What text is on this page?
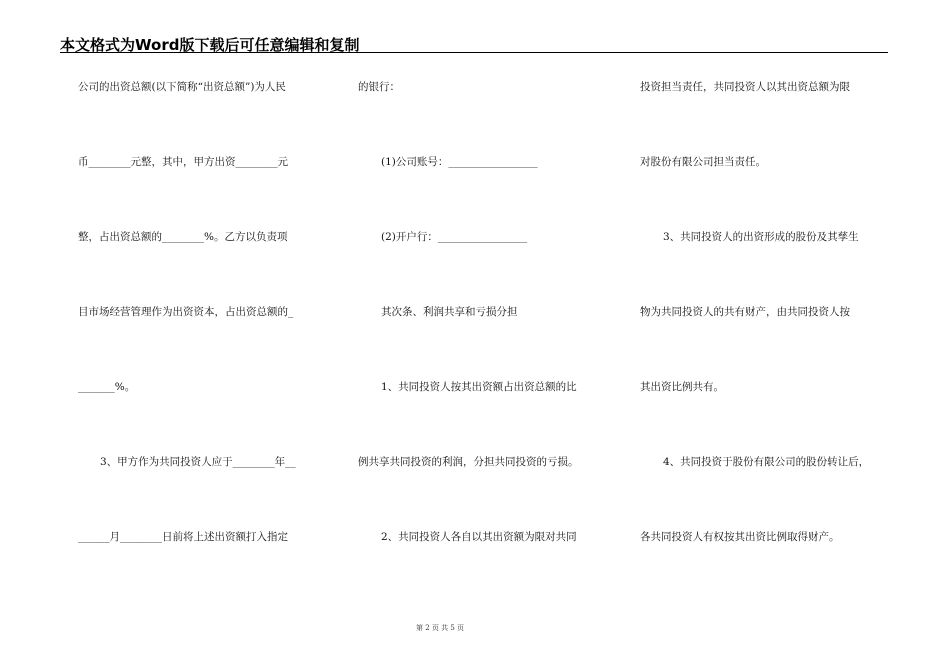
本文格式为Word版下载后可任意编辑和复制
公司的出资总额(以下简称“出资总额”)为人民
币________元整，其中，甲方出资________元
整，占出资总额的________%。乙方以负责项
目市场经营管理作为出资资本，占出资总额的_
_______%。
3、甲方作为共同投资人应于________年__
______月________日前将上述出资额打入指定
的银行：
(1)公司账号：_________________
(2)开户行：_________________
其次条、利润共享和亏损分担
1、共同投资人按其出资额占出资总额的比
例共享共同投资的利润，分担共同投资的亏损。
2、共同投资人各自以其出资额为限对共同
投资担当责任，共同投资人以其出资总额为限
对股份有限公司担当责任。
3、共同投资人的出资形成的股份及其孳生
物为共同投资人的共有财产，由共同投资人按
其出资比例共有。
4、共同投资于股份有限公司的股份转让后，
各共同投资人有权按其出资比例取得财产。
第 2 页 共 5 页
